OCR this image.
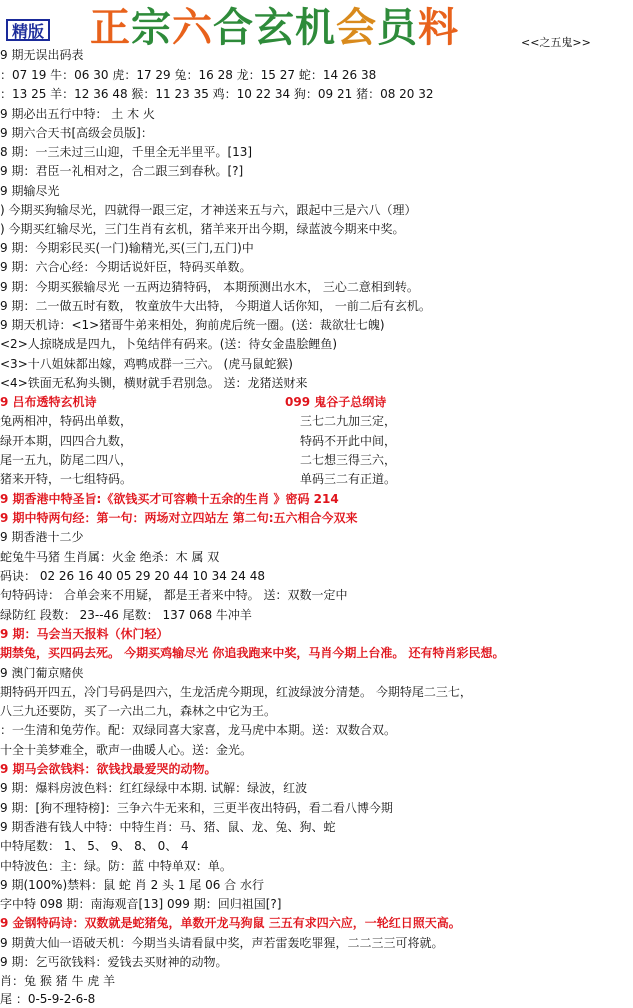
精版 正宗六合玄机会员料	<<之五鬼>>
9 期无误出码表
：07 19 牛：06 30 虎：17 29 兔：16 28 龙：15 27 蛇：14 26 38
：13 25 羊：12 36 48 猴：11 23 35 鸡：10 22 34 狗：09 21 猪：08 20 32
9 期必出五行中特： 土 木 火
9 期六合天书[高级会员版]：
8 期：一三未过三山迎，千里全无半里平。[13]
9 期：君臣一礼相对之，合二跟三到春秋。[?]
9 期输尽光
) 今期买狗输尽光，四就得一跟三定，才神送来五与六，跟起中三是六八（理）
) 今期买红输尽光，三门生肖有玄机，猪羊来开出今期，绿蓝波今期来中奖。
9 期：今期彩民买(一门)输精光,买(三门,五门)中
9 期：六合心经：今期话说奸臣，特码买单数。
9 期：今期买猴输尽光 一五两边猜特码， 本期预测出水木， 三心二意相到转。
9 期：二一做五时有数， 牧童放牛大出特， 今期道人话你知， 一前二后有玄机。
9 期天机诗：<1>猪哥牛弟来相处，狗前虎后统一圈。(送：裁欲壮七魄)
<2>人掠晓成是四九，卜兔结伴有码来。(送：待女金蛊脍鲤鱼)
<3>十八姐妹都出嫁，鸡鸭成群一三六。 (虎马鼠蛇猴)
<4>铁面无私狗头铡，横财就手君别急。 送：龙猪送财来
9 吕布透特玄机诗
兔两相冲，特码出单数，
绿开本期，四四合九数，
尾一五九，防尾二四八，
猪来开特，一七组特码。
9 期香港中特圣旨:《欲钱买才可容赖十五余的生肖 》密码 214
9 期中特两句经：第一句：两场对立四站左 第二句:五六相合今双来
9 期香港十二少
蛇兔牛马猪 生肖属：火金 绝杀：木 属 双
码诀： 02 26 16 40 05 29 20 44 10 34 24 48
句特码诗： 合单会来不用疑， 都是王者来中特。 送：双数一定中
绿防红 段数： 23--46 尾数： 137 068 牛冲羊
9 期：马会当天报料（休门轻）
期禁兔，买四码去死。 今期买鸡输尽光 你追我跑来中奖，马肖今期上台准。 还有特肖彩民想。
9 澳门葡京赌侠
期特码开四五，冷门号码是四六，生龙活虎今期现，红波绿波分清楚。 今期特尾二三七，
八三九还要防，买了一六出二九，森林之中它为王。
：一生清和兔劳作。配：双绿同喜大家喜，龙马虎中本期。送：双数合双。
十全十美梦难全，歌声一曲暖人心。送：金光。
9 期马会欲钱料：欲钱找最爱哭的动物。
9 期：爆料房波色料：红红绿绿中本期. 试解：绿波，红波
9 期：[狗不理特榜]：三争六牛无来和，三更半夜出特码，看二看八博今期
9 期香港有钱人中特：中特生肖：马、猪、鼠、龙、兔、狗、蛇
中特尾数： 1、 5、 9、 8、 0、 4
中特波色：主：绿。防：蓝 中特单双：单。
9 期(100%)禁料：鼠 蛇 肖 2 头 1 尾 06 合 水行
字中特 098 期：南海观音[13] 099 期：回归祖国[?]
9 金钢特码诗：双数就是蛇猪兔，单数开龙马狗鼠 三五有求四六应，一轮红日照天高。
9 期黄大仙一语破天机：今期当头请看鼠中奖，声若雷轰吃罪猩，二二三三可将就。
9 期：乞丐欲钱料：爱钱去买财神的动物。
肖：兔 猴 猪 牛 虎 羊
尾 ：0-5-9-2-6-8
099 鬼谷子总纲诗
三七二九加三定，
特码不开此中间，
二七想三得三六，
单码三二有正道。
